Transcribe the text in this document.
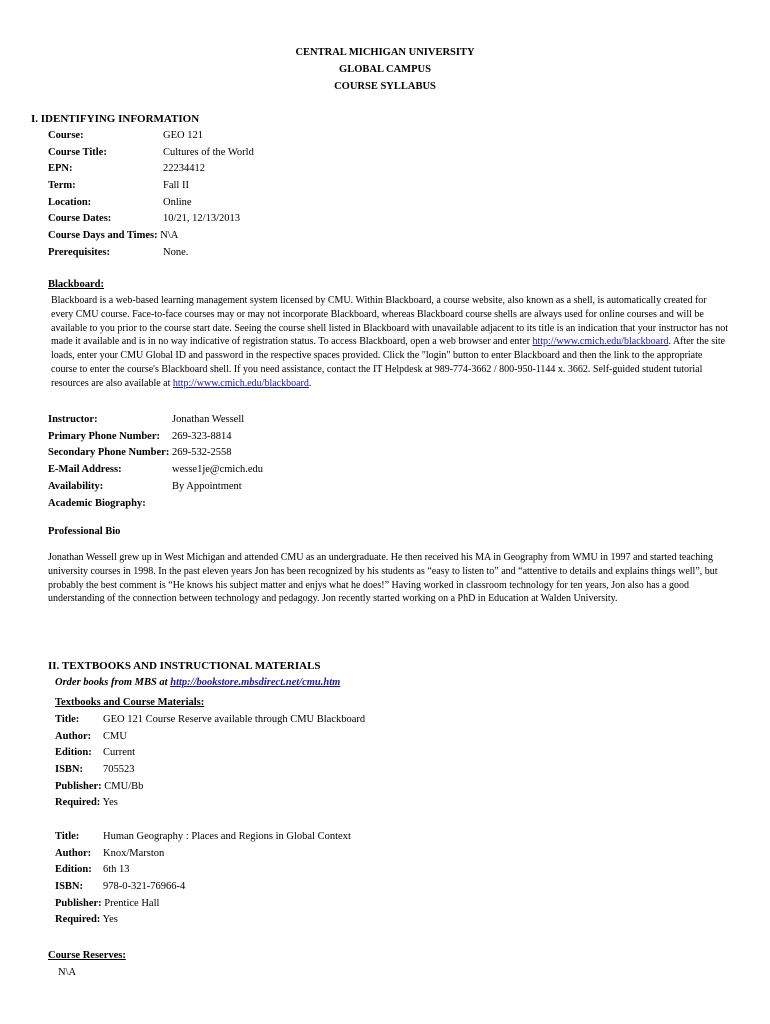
CENTRAL MICHIGAN UNIVERSITY
GLOBAL CAMPUS
COURSE SYLLABUS
I. IDENTIFYING INFORMATION
Course:	GEO 121
Course Title:	Cultures of the World
EPN:	22234412
Term:	Fall II
Location:	Online
Course Dates:	10/21, 12/13/2013
Course Days and Times: N\A
Prerequisites:	None.
Blackboard:
Blackboard is a web-based learning management system licensed by CMU. Within Blackboard, a course website, also known as a shell, is automatically created for every CMU course. Face-to-face courses may or may not incorporate Blackboard, whereas Blackboard course shells are always used for online courses and will be available to you prior to the course start date. Seeing the course shell listed in Blackboard with unavailable adjacent to its title is an indication that your instructor has not made it available and is in no way indicative of registration status. To access Blackboard, open a web browser and enter http://www.cmich.edu/blackboard. After the site loads, enter your CMU Global ID and password in the respective spaces provided. Click the "login" button to enter Blackboard and then the link to the appropriate course to enter the course's Blackboard shell. If you need assistance, contact the IT Helpdesk at 989-774-3662 / 800-950-1144 x. 3662. Self-guided student tutorial resources are also available at http://www.cmich.edu/blackboard.
Instructor:	Jonathan Wessell
Primary Phone Number: 269-323-8814
Secondary Phone Number: 269-532-2558
E-Mail Address:	wesse1je@cmich.edu
Availability:	By Appointment
Academic Biography:
Professional Bio
Jonathan Wessell grew up in West Michigan and attended CMU as an undergraduate. He then received his MA in Geography from WMU in 1997 and started teaching university courses in 1998. In the past eleven years Jon has been recognized by his students as “easy to listen to” and “attentive to details and explains things well”, but probably the best comment is “He knows his subject matter and enjys what he does!” Having worked in classroom technology for ten years, Jon also has a good understanding of the connection between technology and pedagogy. Jon recently started working on a PhD in Education at Walden University.
II. TEXTBOOKS AND INSTRUCTIONAL MATERIALS
Order books from MBS at http://bookstore.mbsdirect.net/cmu.htm
Textbooks and Course Materials:
Title: GEO 121 Course Reserve available through CMU Blackboard
Author: CMU
Edition: Current
ISBN: 705523
Publisher: CMU/Bb
Required: Yes
Title: Human Geography : Places and Regions in Global Context
Author: Knox/Marston
Edition: 6th 13
ISBN: 978-0-321-76966-4
Publisher: Prentice Hall
Required: Yes
Course Reserves:
N\A
